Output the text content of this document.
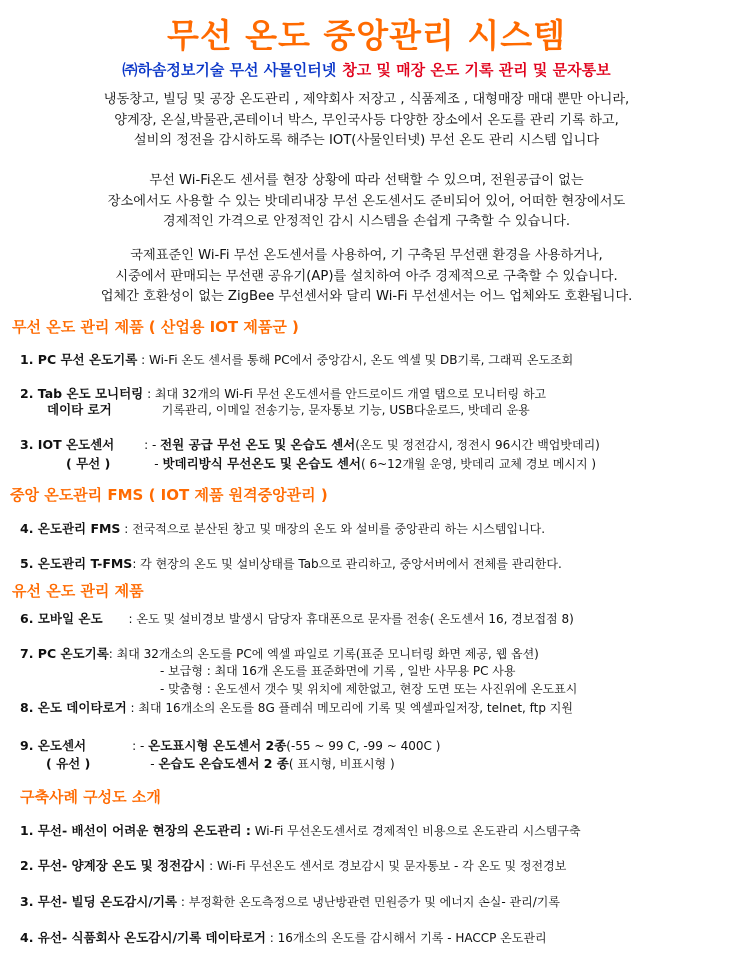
무선 온도 중앙관리 시스템
㈜하솜정보기술 무선 사물인터넷 창고 및 매장 온도 기록 관리 및 문자통보
냉동창고, 빌딩 및 공장 온도관리 , 제약회사 저장고 , 식품제조 , 대형매장 매대 뿐만 아니라,
양계장, 온실,박물관,콘테이너 박스, 무인국사등 다양한 장소에서 온도를 관리 기록 하고,
설비의 정전을 감시하도록 해주는 IOT(사물인터넷) 무선 온도 관리 시스템 입니다
무선 Wi-Fi온도 센서를 현장 상황에 따라 선택할 수 있으며, 전원공급이 없는
장소에서도 사용할 수 있는 밧데리내장 무선 온도센서도 준비되어 있어, 어떠한 현장에서도
경제적인 가격으로 안정적인 감시 시스템을 손쉽게 구축할 수 있습니다.
국제표준인 Wi-Fi 무선 온도센서를 사용하여, 기 구축된 무선랜 환경을 사용하거나,
시중에서 판매되는 무선랜 공유기(AP)를 설치하여 아주 경제적으로 구축할 수 있습니다.
업체간 호환성이 없는 ZigBee 무선센서와 달리 Wi-Fi 무선센서는 어느 업체와도 호환됩니다.
무선 온도 관리 제품 ( 산업용 IOT 제품군 )
1. PC 무선 온도기록 : Wi-Fi 온도 센서를 통해 PC에서 중앙감시, 온도 엑셀 및 DB기록, 그래픽 온도조회
2. Tab 온도 모니터링 : 최대 32개의 Wi-Fi 무선 온도센서를 안드로이드 개열 탭으로 모니터링 하고
데이타 로거	기록관리, 이메일 전송기능, 문자통보 기능, USB다운로드, 밧데리 운용
3. IOT 온도센서 : - 전원 공급 무선 온도 및 온습도 센서(온도 및 정전감시, 정전시 96시간 백업밧데리)
( 무선 )	- 밧데리방식 무선온도 및 온습도 센서( 6~12개월 운영, 밧데리 교체 경보 메시지 )
중앙 온도관리 FMS ( IOT 제품 원격중앙관리 )
4. 온도관리 FMS : 전국적으로 분산된 창고 및 매장의 온도 와 설비를 중앙관리 하는 시스템입니다.
5. 온도관리 T-FMS: 각 현장의 온도 및 설비상태를 Tab으로 관리하고, 중앙서버에서 전체를 관리한다.
유선 온도 관리 제품
6. 모바일 온도 : 온도 및 설비경보 발생시 담당자 휴대폰으로 문자를 전송( 온도센서 16, 경보접점 8)
7. PC 온도기록: 최대 32개소의 온도를 PC에 엑셀 파일로 기록(표준 모니터링 화면 제공, 웹 옵션)
- 보급형 : 최대 16개 온도를 표준화면에 기록 , 일반 사무용 PC 사용
- 맞춤형 : 온도센서 갯수 및 위치에 제한없고, 현장 도면 또는 사진위에 온도표시
8. 온도 데이타로거 : 최대 16개소의 온도를 8G 플레쉬 메모리에 기록 및 엑셀파일저장, telnet, ftp 지원
9. 온도센서	: - 온도표시형 온도센서 2종(-55 ~ 99 C, -99 ~ 400C )
( 유선 )	- 온습도 온습도센서 2 종( 표시형, 비표시형 )
구축사례 구성도 소개
1. 무선- 배선이 어려운 현장의 온도관리 : Wi-Fi 무선온도센서로 경제적인 비용으로 온도관리 시스템구축
2. 무선- 양계장 온도 및 정전감시 : Wi-Fi 무선온도 센서로 경보감시 및 문자통보 - 각 온도 및 정전경보
3. 무선- 빌딩 온도감시/기록 : 부정확한 온도측정으로 냉난방관련 민원증가 및 에너지 손실- 관리/기록
4. 유선- 식품회사 온도감시/기록 데이타로거 : 16개소의 온도를 감시해서 기록 - HACCP 온도관리
